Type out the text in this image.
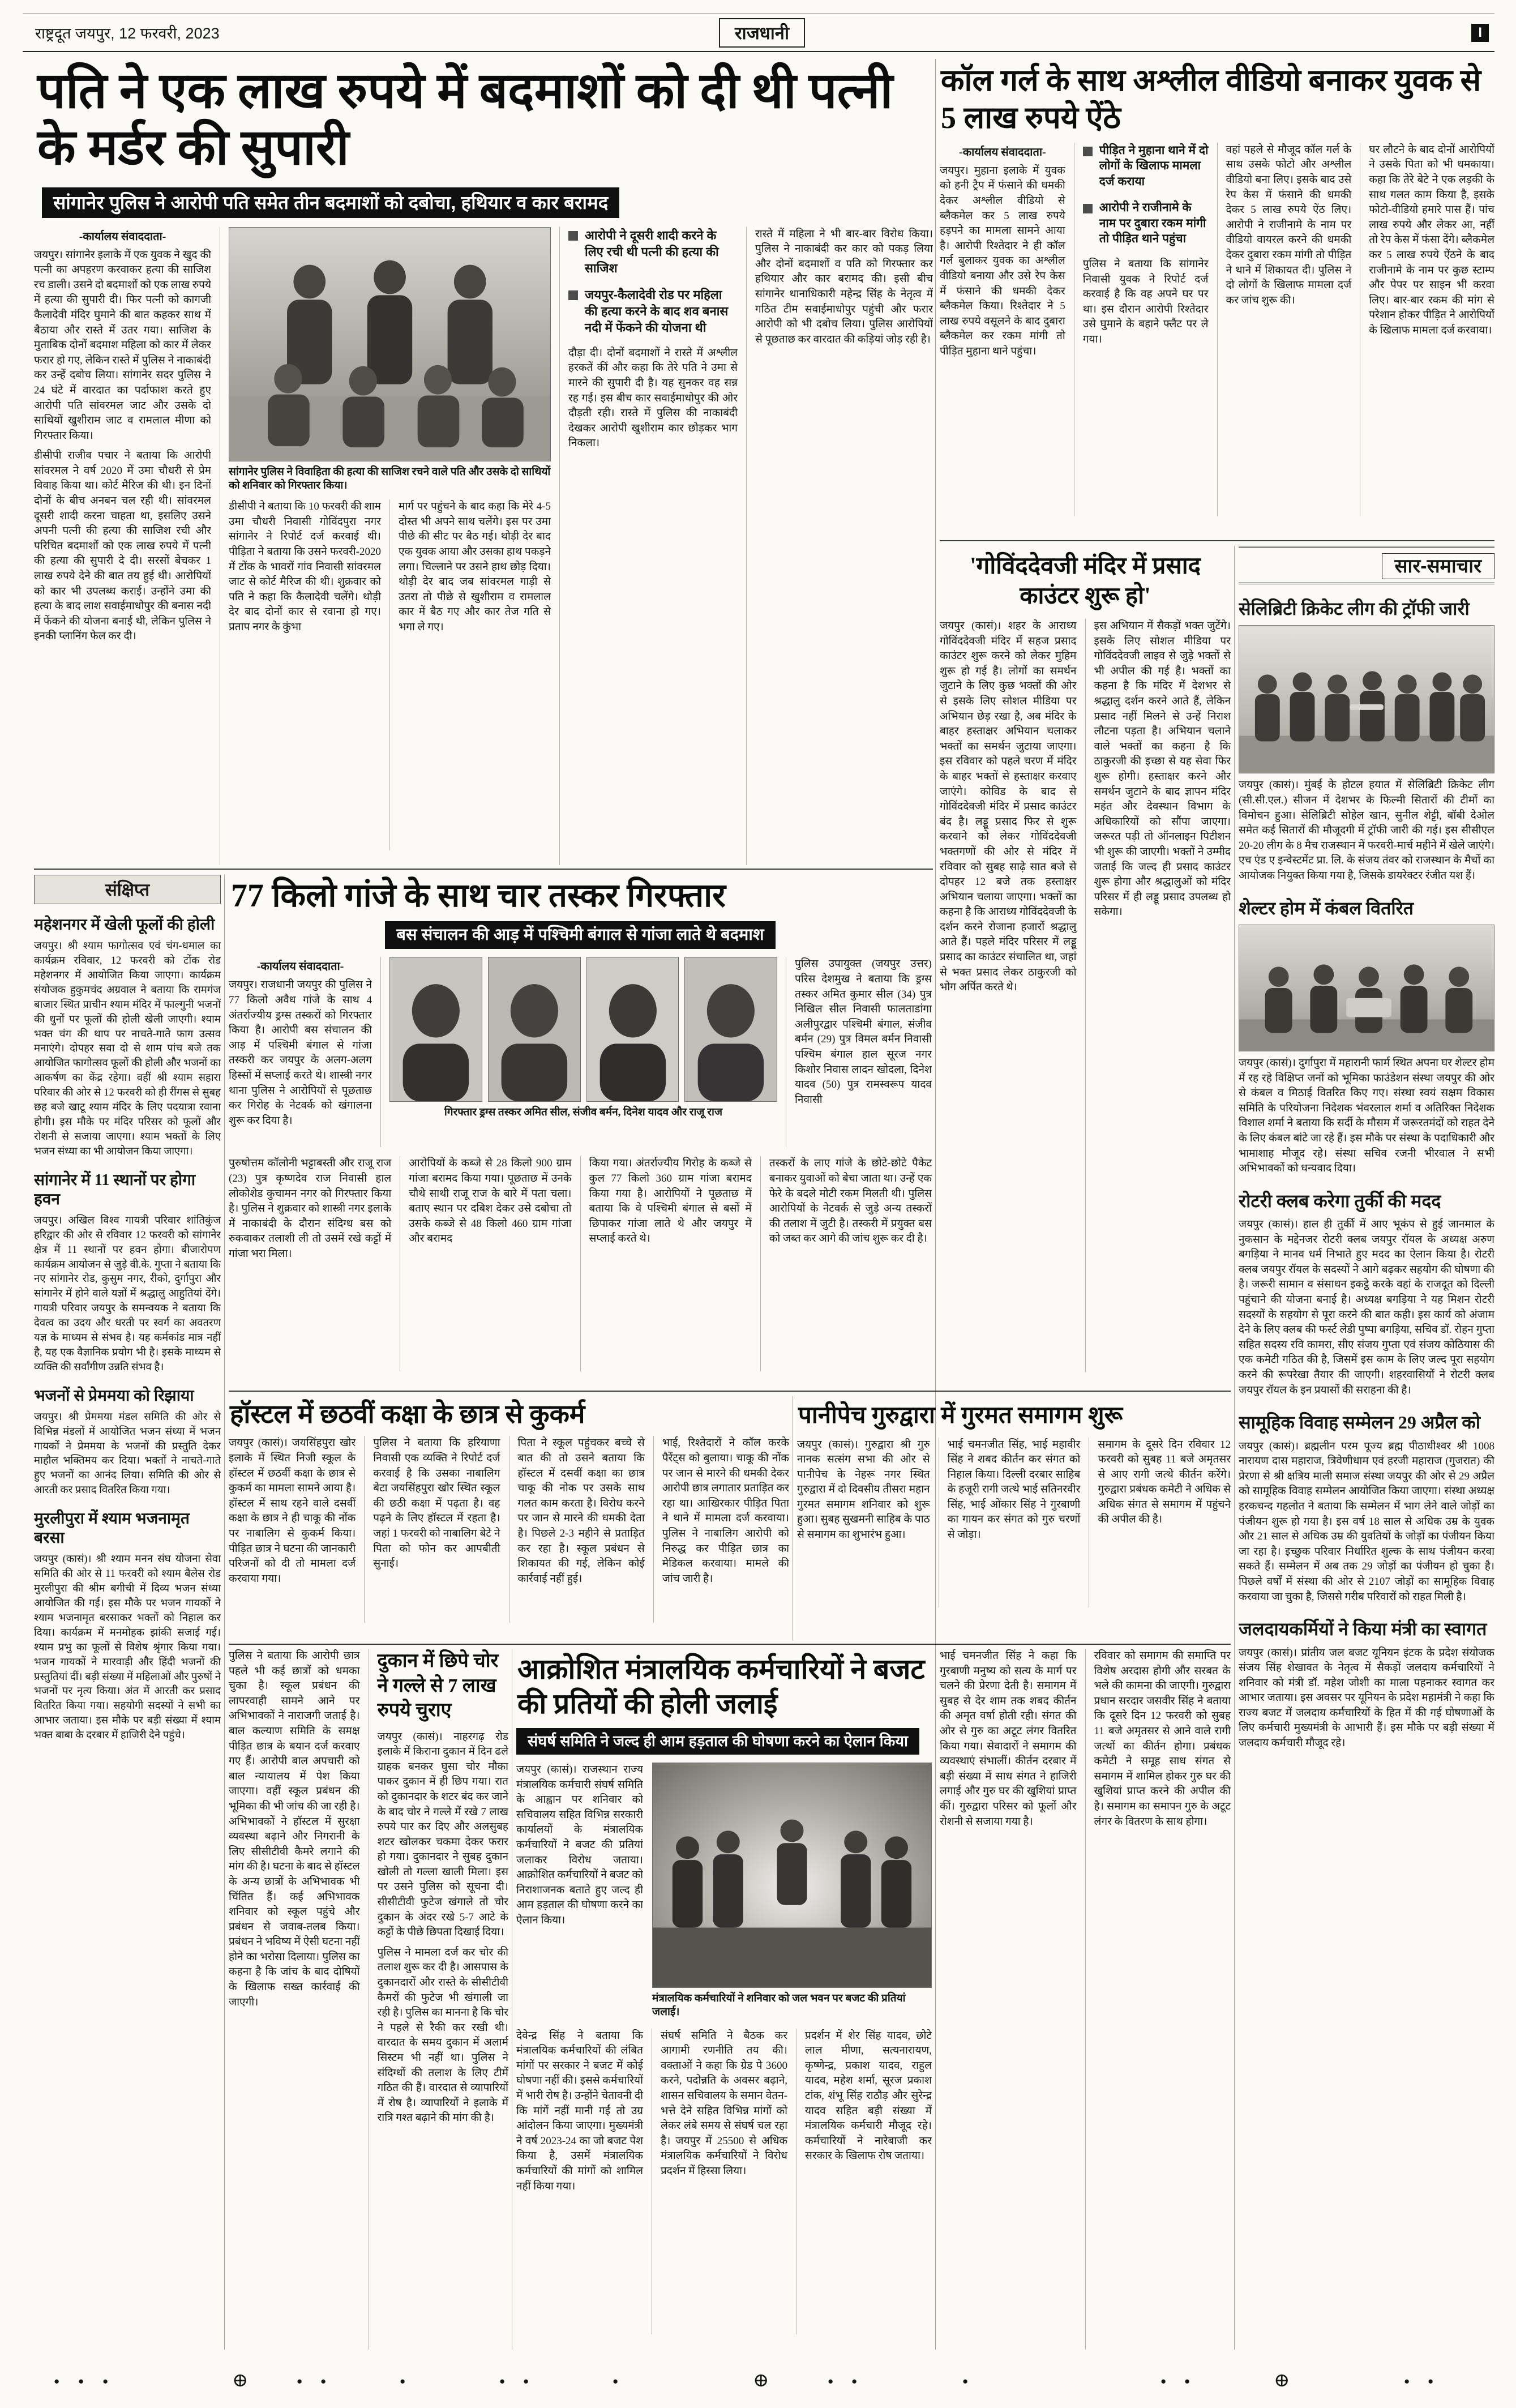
राष्ट्रदूत जयपुर, 12 फरवरी, 2023	राजधानी	I
पति ने एक लाख रुपये में बदमाशों को दी थी पत्नी के मर्डर की सुपारी
सांगानेर पुलिस ने आरोपी पति समेत तीन बदमाशों को दबोचा, हथियार व कार बरामद
-कार्यालय संवाददाता-

जयपुर। सांगानेर इलाके में एक युवक ने खुद की पत्नी का अपहरण करवाकर हत्या की साजिश रच डाली। उसने दो बदमाशों को एक लाख रुपये में हत्या की सुपारी दी। फिर पत्नी को कागजी कैलादेवी मंदिर घुमाने की बात कहकर साथ में बैठाया और रास्ते में उतर गया। साजिश के मुताबिक दोनों बदमाश महिला को कार में लेकर फरार हो गए, लेकिन रास्ते में पुलिस ने नाकाबंदी कर उन्हें दबोच लिया। सांगानेर सदर पुलिस ने 24 घंटे में वारदात का पर्दाफाश करते हुए आरोपी पति सांवरमल जाट और उसके दो साथियों खुशीराम जाट व रामलाल मीणा को गिरफ्तार किया।

डीसीपी राजीव पचार ने बताया कि आरोपी सांवरमल ने वर्ष 2020 में उमा चौधरी से प्रेम विवाह किया था। कोर्ट मैरिज की थी। इन दिनों दोनों के बीच अनबन चल रही थी। सांवरमल दूसरी शादी करना चाहता था, इसलिए उसने अपनी पत्नी की हत्या की साजिश रची और परिचित बदमाशों को एक लाख रुपये में पत्नी की हत्या की सुपारी दे दी। सरसों बेचकर 1 लाख रुपये देने की बात तय हुई थी। आरोपियों को कार भी उपलब्ध कराई। उन्होंने उमा की हत्या के बाद लाश सवाईमाधोपुर की बनास नदी में फेंकने की योजना बनाई थी, लेकिन पुलिस ने इनकी प्लानिंग फेल कर दी।

सांगानेर पुलिस ने विवाहिता की हत्या की साजिश रचने वाले पति और उसके दो साथियों को शनिवार को गिरफ्तार किया।

डीसीपी ने बताया कि 10 फरवरी की शाम उमा चौधरी निवासी गोविंदपुरा नगर सांगानेर ने रिपोर्ट दर्ज करवाई थी। पीड़िता ने बताया कि उसने फरवरी-2020 में टोंक के भावरों गांव निवासी सांवरमल जाट से कोर्ट मैरिज की थी। शुक्रवार को पति ने कहा कि कैलादेवी चलेंगे। थोड़ी देर बाद दोनों कार से रवाना हो गए। प्रताप नगर के कुंभा

मार्ग पर पहुंचने के बाद कहा कि मेरे 4-5 दोस्त भी अपने साथ चलेंगे। इस पर उमा पीछे की सीट पर बैठ गई। थोड़ी देर बाद एक युवक आया और उसका हाथ पकड़ने लगा। चिल्लाने पर उसने हाथ छोड़ दिया। थोड़ी देर बाद जब सांवरमल गाड़ी से उतरा तो पीछे से खुशीराम व रामलाल कार में बैठ गए और कार तेज गति से भगा ले गए।

आरोपी ने दूसरी शादी करने के लिए रची थी पत्नी की हत्या की साजिश

जयपुर-कैलादेवी रोड पर महिला की हत्या करने के बाद शव बनास नदी में फेंकने की योजना थी

दौड़ा दी। दोनों बदमाशों ने रास्ते में अश्लील हरकतें कीं और कहा कि तेरे पति ने उमा से मारने की सुपारी दी है। यह सुनकर वह सन्न रह गई। इस बीच कार सवाईमाधोपुर की ओर दौड़ती रही। रास्ते में पुलिस की नाकाबंदी देखकर आरोपी खुशीराम कार छोड़कर भाग निकला।

रास्ते में महिला ने भी बार-बार विरोध किया। पुलिस ने नाकाबंदी कर कार को पकड़ लिया और दोनों बदमाशों व पति को गिरफ्तार कर हथियार और कार बरामद की। इसी बीच सांगानेर थानाधिकारी महेन्द्र सिंह के नेतृत्व में गठित टीम सवाईमाधोपुर पहुंची और फरार आरोपी को भी दबोच लिया। पुलिस आरोपियों से पूछताछ कर वारदात की कड़ियां जोड़ रही है।

कॉल गर्ल के साथ अश्लील वीडियो बनाकर युवक से 5 लाख रुपये ऐंठे
-कार्यालय संवाददाता-

जयपुर। मुहाना इलाके में युवक को हनी ट्रैप में फंसाने की धमकी देकर अश्लील वीडियो से ब्लैकमेल कर 5 लाख रुपये हड़पने का मामला सामने आया है। आरोपी रिश्तेदार ने ही कॉल गर्ल बुलाकर युवक का अश्लील वीडियो बनाया और उसे रेप केस में फंसाने की धमकी देकर ब्लैकमेल किया। रिश्तेदार ने 5 लाख रुपये वसूलने के बाद दुबारा ब्लैकमेल कर रकम मांगी तो पीड़ित मुहाना थाने पहुंचा।

पीड़ित ने मुहाना थाने में दो लोगों के खिलाफ मामला दर्ज कराया

आरोपी ने राजीनामे के नाम पर दुबारा रकम मांगी तो पीड़ित थाने पहुंचा

पुलिस ने बताया कि सांगानेर निवासी युवक ने रिपोर्ट दर्ज करवाई है कि वह अपने घर पर था। इस दौरान आरोपी रिश्तेदार उसे घुमाने के बहाने फ्लैट पर ले गया।

वहां पहले से मौजूद कॉल गर्ल के साथ उसके फोटो और अश्लील वीडियो बना लिए। इसके बाद उसे रेप केस में फंसाने की धमकी देकर 5 लाख रुपये ऐंठ लिए। आरोपी ने राजीनामे के नाम पर वीडियो वायरल करने की धमकी देकर दुबारा रकम मांगी तो पीड़ित ने थाने में शिकायत दी। पुलिस ने दो लोगों के खिलाफ मामला दर्ज कर जांच शुरू की।

घर लौटने के बाद दोनों आरोपियों ने उसके पिता को भी धमकाया। कहा कि तेरे बेटे ने एक लड़की के साथ गलत काम किया है, इसके फोटो-वीडियो हमारे पास हैं। पांच लाख रुपये और लेकर आ, नहीं तो रेप केस में फंसा देंगे। ब्लैकमेल कर 5 लाख रुपये ऐंठने के बाद राजीनामे के नाम पर कुछ स्टाम्प और पेपर पर साइन भी करवा लिए। बार-बार रकम की मांग से परेशान होकर पीड़ित ने आरोपियों के खिलाफ मामला दर्ज करवाया।

'गोविंददेवजी मंदिर में प्रसाद काउंटर शुरू हो'

जयपुर (कासं)। शहर के आराध्य गोविंददेवजी मंदिर में सहज प्रसाद काउंटर शुरू करने को लेकर मुहिम शुरू हो गई है। लोगों का समर्थन जुटाने के लिए कुछ भक्तों की ओर से इसके लिए सोशल मीडिया पर अभियान छेड़ रखा है, अब मंदिर के बाहर हस्ताक्षर अभियान चलाकर भक्तों का समर्थन जुटाया जाएगा। इस रविवार को पहले चरण में मंदिर के बाहर भक्तों से हस्ताक्षर करवाए जाएंगे। कोविड के बाद से गोविंददेवजी मंदिर में प्रसाद काउंटर बंद है। लड्डू प्रसाद फिर से शुरू करवाने को लेकर गोविंददेवजी भक्तगणों की ओर से मंदिर में रविवार को सुबह साढ़े सात बजे से दोपहर 12 बजे तक हस्ताक्षर अभियान चलाया जाएगा। भक्तों का कहना है कि आराध्य गोविंददेवजी के दर्शन करने रोजाना हजारों श्रद्धालु आते हैं। पहले मंदिर परिसर में लड्डू प्रसाद का काउंटर संचालित था, जहां से भक्त प्रसाद लेकर ठाकुरजी को भोग अर्पित करते थे।

इस अभियान में सैकड़ों भक्त जुटेंगे। इसके लिए सोशल मीडिया पर गोविंददेवजी लाइव से जुड़े भक्तों से भी अपील की गई है। भक्तों का कहना है कि मंदिर में देशभर से श्रद्धालु दर्शन करने आते हैं, लेकिन प्रसाद नहीं मिलने से उन्हें निराश लौटना पड़ता है। अभियान चलाने वाले भक्तों का कहना है कि ठाकुरजी की इच्छा से यह सेवा फिर शुरू होगी। हस्ताक्षर करने और समर्थन जुटाने के बाद ज्ञापन मंदिर महंत और देवस्थान विभाग के अधिकारियों को सौंपा जाएगा। जरूरत पड़ी तो ऑनलाइन पिटीशन भी शुरू की जाएगी। भक्तों ने उम्मीद जताई कि जल्द ही प्रसाद काउंटर शुरू होगा और श्रद्धालुओं को मंदिर परिसर में ही लड्डू प्रसाद उपलब्ध हो सकेगा।

सार-समाचार
सेलिब्रिटी क्रिकेट लीग की ट्रॉफी जारी

जयपुर (कासं)। मुंबई के होटल हयात में सेलिब्रिटी क्रिकेट लीग (सी.सी.एल.) सीजन में देशभर के फिल्मी सितारों की टीमों का विमोचन हुआ। सेलिब्रिटी सोहेल खान, सुनील शेट्टी, बॉबी देओल समेत कई सितारों की मौजूदगी में ट्रॉफी जारी की गई। इस सीसीएल 20-20 लीग के 8 मैच राजस्थान में फरवरी-मार्च महीने में खेले जाएंगे। एच एंड ए इन्वेस्टमेंट प्रा. लि. के संजय तंवर को राजस्थान के मैचों का आयोजक नियुक्त किया गया है, जिसके डायरेक्टर रंजीत यश हैं।

शेल्टर होम में कंबल वितरित

जयपुर (कासं)। दुर्गापुरा में महारानी फार्म स्थित अपना घर शेल्टर होम में रह रहे विक्षिप्त जनों को भूमिका फाउंडेशन संस्था जयपुर की ओर से कंबल व मिठाई वितरित किए गए। संस्था स्वयं सक्षम विकास समिति के परियोजना निदेशक भंवरलाल शर्मा व अतिरिक्त निदेशक विशाल शर्मा ने बताया कि सर्दी के मौसम में जरूरतमंदों को राहत देने के लिए कंबल बांटे जा रहे हैं। इस मौके पर संस्था के पदाधिकारी और भामाशाह मौजूद रहे। संस्था सचिव रजनी भीरवाल ने सभी अभिभावकों को धन्यवाद दिया।

रोटरी क्लब करेगा तुर्की की मदद

जयपुर (कासं)। हाल ही तुर्की में आए भूकंप से हुई जानमाल के नुकसान के मद्देनजर रोटरी क्लब जयपुर रॉयल के अध्यक्ष अरुण बगड़िया ने मानव धर्म निभाते हुए मदद का ऐलान किया है। रोटरी क्लब जयपुर रॉयल के सदस्यों ने आगे बढ़कर सहयोग की घोषणा की है। जरूरी सामान व संसाधन इकट्ठे करके वहां के राजदूत को दिल्ली पहुंचाने की योजना बनाई है। अध्यक्ष बगड़िया ने यह मिशन रोटरी सदस्यों के सहयोग से पूरा करने की बात कही। इस कार्य को अंजाम देने के लिए क्लब की फर्स्ट लेडी पुष्पा बगड़िया, सचिव डॉ. रोहन गुप्ता सहित सदस्य रवि कामरा, सीए संजय गुप्ता एवं संजय कोठियास की एक कमेटी गठित की है, जिसमें इस काम के लिए जल्द पूरा सहयोग करने की रूपरेखा तैयार की जाएगी। शहरवासियों ने रोटरी क्लब जयपुर रॉयल के इन प्रयासों की सराहना की है।

सामूहिक विवाह सम्मेलन 29 अप्रैल को

जयपुर (कासं)। ब्रह्मलीन परम पूज्य ब्रह्म पीठाधीश्वर श्री 1008 नारायण दास महाराज, त्रिवेणीधाम एवं हरजी महाराज (गुजरात) की प्रेरणा से श्री क्षत्रिय माली समाज संस्था जयपुर की ओर से 29 अप्रैल को सामूहिक विवाह सम्मेलन आयोजित किया जाएगा। संस्था अध्यक्ष हरकचन्द गहलोत ने बताया कि सम्मेलन में भाग लेने वाले जोड़ों का पंजीयन शुरू हो गया है। इस वर्ष 18 साल से अधिक उम्र के युवक और 21 साल से अधिक उम्र की युवतियों के जोड़ों का पंजीयन किया जा रहा है। इच्छुक परिवार निर्धारित शुल्क के साथ पंजीयन करवा सकते हैं। सम्मेलन में अब तक 29 जोड़ों का पंजीयन हो चुका है। पिछले वर्षों में संस्था की ओर से 2107 जोड़ों का सामूहिक विवाह करवाया जा चुका है, जिससे गरीब परिवारों को राहत मिली है।

जलदायकर्मियों ने किया मंत्री का स्वागत

जयपुर (कासं)। प्रांतीय जल बजट यूनियन इंटक के प्रदेश संयोजक संजय सिंह शेखावत के नेतृत्व में सैकड़ों जलदाय कर्मचारियों ने शनिवार को मंत्री डॉ. महेश जोशी का माला पहनाकर स्वागत कर आभार जताया। इस अवसर पर यूनियन के प्रदेश महामंत्री ने कहा कि राज्य बजट में जलदाय कर्मचारियों के हित में की गई घोषणाओं के लिए कर्मचारी मुख्यमंत्री के आभारी हैं। इस मौके पर बड़ी संख्या में जलदाय कर्मचारी मौजूद रहे।

संक्षिप्त
महेशनगर में खेली फूलों की होली

जयपुर। श्री श्याम फागोत्सव एवं चंग-धमाल का कार्यक्रम रविवार, 12 फरवरी को टोंक रोड महेशनगर में आयोजित किया जाएगा। कार्यक्रम संयोजक हुकुमचंद अग्रवाल ने बताया कि रामगंज बाजार स्थित प्राचीन श्याम मंदिर में फाल्गुनी भजनों की धुनों पर फूलों की होली खेली जाएगी। श्याम भक्त चंग की थाप पर नाचते-गाते फाग उत्सव मनाएंगे। दोपहर सवा दो से शाम पांच बजे तक आयोजित फागोत्सव फूलों की होली और भजनों का आकर्षण का केंद्र रहेगा। वहीं श्री श्याम सहारा परिवार की ओर से 12 फरवरी को ही रींगस से सुबह छह बजे खाटू श्याम मंदिर के लिए पदयात्रा रवाना होगी। इस मौके पर मंदिर परिसर को फूलों और रोशनी से सजाया जाएगा। श्याम भक्तों के लिए भजन संध्या का भी आयोजन किया जाएगा।

सांगानेर में 11 स्थानों पर होगा हवन

जयपुर। अखिल विश्व गायत्री परिवार शांतिकुंज हरिद्वार की ओर से रविवार 12 फरवरी को सांगानेर क्षेत्र में 11 स्थानों पर हवन होगा। बीजारोपण कार्यक्रम आयोजन से जुड़े वी.के. गुप्ता ने बताया कि नए सांगानेर रोड, कुसुम नगर, रीको, दुर्गापुरा और सांगानेर में होने वाले यज्ञों में श्रद्धालु आहुतियां देंगे। गायत्री परिवार जयपुर के समन्वयक ने बताया कि देवत्व का उदय और धरती पर स्वर्ग का अवतरण यज्ञ के माध्यम से संभव है। यह कर्मकांड मात्र नहीं है, यह एक वैज्ञानिक प्रयोग भी है। इसके माध्यम से व्यक्ति की सर्वांगीण उन्नति संभव है।

भजनों से प्रेममया को रिझाया

जयपुर। श्री प्रेममया मंडल समिति की ओर से विभिन्न मंडलों में आयोजित भजन संध्या में भजन गायकों ने प्रेममया के भजनों की प्रस्तुति देकर माहौल भक्तिमय कर दिया। भक्तों ने नाचते-गाते हुए भजनों का आनंद लिया। समिति की ओर से आरती कर प्रसाद वितरित किया गया।

मुरलीपुरा में श्याम भजनामृत बरसा

जयपुर (कासं)। श्री श्याम मनन संघ योजना सेवा समिति की ओर से 11 फरवरी को श्याम बैलेस रोड मुरलीपुरा की श्रीम बगीची में दिव्य भजन संध्या आयोजित की गई। इस मौके पर भजन गायकों ने श्याम भजनामृत बरसाकर भक्तों को निहाल कर दिया। कार्यक्रम में मनमोहक झांकी सजाई गई। श्याम प्रभु का फूलों से विशेष श्रृंगार किया गया। भजन गायकों ने मारवाड़ी और हिंदी भजनों की प्रस्तुतियां दीं। बड़ी संख्या में महिलाओं और पुरुषों ने भजनों पर नृत्य किया। अंत में आरती कर प्रसाद वितरित किया गया। सहयोगी सदस्यों ने सभी का आभार जताया। इस मौके पर बड़ी संख्या में श्याम भक्त बाबा के दरबार में हाजिरी देने पहुंचे।

77 किलो गांजे के साथ चार तस्कर गिरफ्तार
बस संचालन की आड़ में पश्चिमी बंगाल से गांजा लाते थे बदमाश
-कार्यालय संवाददाता-

जयपुर। राजधानी जयपुर की पुलिस ने 77 किलो अवैध गांजे के साथ 4 अंतर्राज्यीय ड्रग्स तस्करों को गिरफ्तार किया है। आरोपी बस संचालन की आड़ में पश्चिमी बंगाल से गांजा तस्करी कर जयपुर के अलग-अलग हिस्सों में सप्लाई करते थे। शास्त्री नगर थाना पुलिस ने आरोपियों से पूछताछ कर गिरोह के नेटवर्क को खंगालना शुरू कर दिया है।

गिरफ्तार ड्रग्स तस्कर अमित सील, संजीव बर्मन, दिनेश यादव और राजू राज

पुलिस उपायुक्त (जयपुर उत्तर) परिस देशमुख ने बताया कि ड्रग्स तस्कर अमित कुमार सील (34) पुत्र निखिल सील निवासी फालताडांगा अलीपुरद्वार पश्चिमी बंगाल, संजीव बर्मन (29) पुत्र विमल बर्मन निवासी पश्चिम बंगाल हाल सूरज नगर किशोर निवास लादन खोदला, दिनेश यादव (50) पुत्र रामस्वरूप यादव निवासी

पुरुषोत्तम कॉलोनी भट्टाबस्ती और राजू राज (23) पुत्र कृष्णदेव राज निवासी हाल लोकोशेड कुचामन नगर को गिरफ्तार किया है। पुलिस ने शुक्रवार को शास्त्री नगर इलाके में नाकाबंदी के दौरान संदिग्ध बस को रुकवाकर तलाशी ली तो उसमें रखे कट्टों में गांजा भरा मिला।

आरोपियों के कब्जे से 28 किलो 900 ग्राम गांजा बरामद किया गया। पूछताछ में उनके चौथे साथी राजू राज के बारे में पता चला। बताए स्थान पर दबिश देकर उसे दबोचा तो उसके कब्जे से 48 किलो 460 ग्राम गांजा और बरामद

किया गया। अंतर्राज्यीय गिरोह के कब्जे से कुल 77 किलो 360 ग्राम गांजा बरामद किया गया है। आरोपियों ने पूछताछ में बताया कि वे पश्चिमी बंगाल से बसों में छिपाकर गांजा लाते थे और जयपुर में सप्लाई करते थे।

तस्करों के लाए गांजे के छोटे-छोटे पैकेट बनाकर युवाओं को बेचा जाता था। उन्हें एक फेरे के बदले मोटी रकम मिलती थी। पुलिस आरोपियों के नेटवर्क से जुड़े अन्य तस्करों की तलाश में जुटी है। तस्करी में प्रयुक्त बस को जब्त कर आगे की जांच शुरू कर दी है।

हॉस्टल में छठवीं कक्षा के छात्र से कुकर्म

जयपुर (कासं)। जयसिंहपुरा खोर इलाके में स्थित निजी स्कूल के हॉस्टल में छठवीं कक्षा के छात्र से कुकर्म का मामला सामने आया है। हॉस्टल में साथ रहने वाले दसवीं कक्षा के छात्र ने ही चाकू की नोंक पर नाबालिग से कुकर्म किया। पीड़ित छात्र ने घटना की जानकारी परिजनों को दी तो मामला दर्ज करवाया गया।

पुलिस ने बताया कि हरियाणा निवासी एक व्यक्ति ने रिपोर्ट दर्ज करवाई है कि उसका नाबालिग बेटा जयसिंहपुरा खोर स्थित स्कूल की छठी कक्षा में पढ़ता है। वह पढ़ने के लिए हॉस्टल में रहता है। जहां 1 फरवरी को नाबालिग बेटे ने पिता को फोन कर आपबीती सुनाई।

पिता ने स्कूल पहुंचकर बच्चे से बात की तो उसने बताया कि हॉस्टल में दसवीं कक्षा का छात्र चाकू की नोक पर उसके साथ गलत काम करता है। विरोध करने पर जान से मारने की धमकी देता है। पिछले 2-3 महीने से प्रताड़ित कर रहा है। स्कूल प्रबंधन से शिकायत की गई, लेकिन कोई कार्रवाई नहीं हुई।

भाई, रिश्तेदारों ने कॉल करके पैरेंट्स को बुलाया। चाकू की नोंक पर जान से मारने की धमकी देकर आरोपी छात्र लगातार प्रताड़ित कर रहा था। आखिरकार पीड़ित पिता ने थाने में मामला दर्ज करवाया। पुलिस ने नाबालिग आरोपी को निरुद्ध कर पीड़ित छात्र का मेडिकल करवाया। मामले की जांच जारी है।

पानीपेच गुरुद्वारा में गुरमत समागम शुरू

जयपुर (कासं)। गुरुद्वारा श्री गुरु नानक सत्संग सभा की ओर से पानीपेच के नेहरू नगर स्थित गुरुद्वारा में दो दिवसीय तीसरा महान गुरमत समागम शनिवार को शुरू हुआ। सुबह सुखमनी साहिब के पाठ से समागम का शुभारंभ हुआ।

भाई चमनजीत सिंह, भाई महावीर सिंह ने शबद कीर्तन कर संगत को निहाल किया। दिल्ली दरबार साहिब के हजूरी रागी जत्थे भाई सतिनरवीर सिंह, भाई ओंकार सिंह ने गुरबाणी का गायन कर संगत को गुरु चरणों से जोड़ा।

समागम के दूसरे दिन रविवार 12 फरवरी को सुबह 11 बजे अमृतसर से आए रागी जत्थे कीर्तन करेंगे। गुरुद्वारा प्रबंधक कमेटी ने अधिक से अधिक संगत से समागम में पहुंचने की अपील की है।

पुलिस ने बताया कि आरोपी छात्र पहले भी कई छात्रों को धमका चुका है। स्कूल प्रबंधन की लापरवाही सामने आने पर अभिभावकों ने नाराजगी जताई है। बाल कल्याण समिति के समक्ष पीड़ित छात्र के बयान दर्ज करवाए गए हैं। आरोपी बाल अपचारी को बाल न्यायालय में पेश किया जाएगा। वहीं स्कूल प्रबंधन की भूमिका की भी जांच की जा रही है। अभिभावकों ने हॉस्टल में सुरक्षा व्यवस्था बढ़ाने और निगरानी के लिए सीसीटीवी कैमरे लगाने की मांग की है। घटना के बाद से हॉस्टल के अन्य छात्रों के अभिभावक भी चिंतित हैं। कई अभिभावक शनिवार को स्कूल पहुंचे और प्रबंधन से जवाब-तलब किया। प्रबंधन ने भविष्य में ऐसी घटना नहीं होने का भरोसा दिलाया। पुलिस का कहना है कि जांच के बाद दोषियों के खिलाफ सख्त कार्रवाई की जाएगी।

दुकान में छिपे चोर ने गल्ले से 7 लाख रुपये चुराए

जयपुर (कासं)। नाहरगढ़ रोड इलाके में किराना दुकान में दिन ढले ग्राहक बनकर घुसा चोर मौका पाकर दुकान में ही छिप गया। रात को दुकानदार के शटर बंद कर जाने के बाद चोर ने गल्ले में रखे 7 लाख रुपये पार कर दिए और अलसुबह शटर खोलकर चकमा देकर फरार हो गया। दुकानदार ने सुबह दुकान खोली तो गल्ला खाली मिला। इस पर उसने पुलिस को सूचना दी। सीसीटीवी फुटेज खंगाले तो चोर दुकान के अंदर रखे 5-7 आटे के कट्टों के पीछे छिपता दिखाई दिया।

पुलिस ने मामला दर्ज कर चोर की तलाश शुरू कर दी है। आसपास के दुकानदारों और रास्ते के सीसीटीवी कैमरों की फुटेज भी खंगाली जा रही है। पुलिस का मानना है कि चोर ने पहले से रैकी कर रखी थी। वारदात के समय दुकान में अलार्म सिस्टम भी नहीं था। पुलिस ने संदिग्धों की तलाश के लिए टीमें गठित की हैं। वारदात से व्यापारियों में रोष है। व्यापारियों ने इलाके में रात्रि गश्त बढ़ाने की मांग की है।

आक्रोशित मंत्रालयिक कर्मचारियों ने बजट की प्रतियों की होली जलाई
संघर्ष समिति ने जल्द ही आम हड़ताल की घोषणा करने का ऐलान किया

जयपुर (कासं)। राजस्थान राज्य मंत्रालयिक कर्मचारी संघर्ष समिति के आह्वान पर शनिवार को सचिवालय सहित विभिन्न सरकारी कार्यालयों के मंत्रालयिक कर्मचारियों ने बजट की प्रतियां जलाकर विरोध जताया। आक्रोशित कर्मचारियों ने बजट को निराशाजनक बताते हुए जल्द ही आम हड़ताल की घोषणा करने का ऐलान किया।

मंत्रालयिक कर्मचारियों ने शनिवार को जल भवन पर बजट की प्रतियां जलाई।

देवेन्द्र सिंह ने बताया कि मंत्रालयिक कर्मचारियों की लंबित मांगों पर सरकार ने बजट में कोई घोषणा नहीं की। इससे कर्मचारियों में भारी रोष है। उन्होंने चेतावनी दी कि मांगें नहीं मानी गईं तो उग्र आंदोलन किया जाएगा। मुख्यमंत्री ने वर्ष 2023-24 का जो बजट पेश किया है, उसमें मंत्रालयिक कर्मचारियों की मांगों को शामिल नहीं किया गया।

संघर्ष समिति ने बैठक कर आगामी रणनीति तय की। वक्ताओं ने कहा कि ग्रेड पे 3600 करने, पदोन्नति के अवसर बढ़ाने, शासन सचिवालय के समान वेतन-भत्ते देने सहित विभिन्न मांगों को लेकर लंबे समय से संघर्ष चल रहा है। जयपुर में 25500 से अधिक मंत्रालयिक कर्मचारियों ने विरोध प्रदर्शन में हिस्सा लिया।

प्रदर्शन में शेर सिंह यादव, छोटे लाल मीणा, सत्यनारायण, कृष्णेन्द्र, प्रकाश यादव, राहुल यादव, महेश शर्मा, सूरज प्रकाश टांक, शंभू सिंह राठौड़ और सुरेन्द्र यादव सहित बड़ी संख्या में मंत्रालयिक कर्मचारी मौजूद रहे। कर्मचारियों ने नारेबाजी कर सरकार के खिलाफ रोष जताया।

भाई चमनजीत सिंह ने कहा कि गुरबाणी मनुष्य को सत्य के मार्ग पर चलने की प्रेरणा देती है। समागम में सुबह से देर शाम तक शबद कीर्तन की अमृत वर्षा होती रही। संगत की ओर से गुरु का अटूट लंगर वितरित किया गया। सेवादारों ने समागम की व्यवस्थाएं संभालीं। कीर्तन दरबार में बड़ी संख्या में साध संगत ने हाजिरी लगाई और गुरु घर की खुशियां प्राप्त कीं। गुरुद्वारा परिसर को फूलों और रोशनी से सजाया गया है।

रविवार को समागम की समाप्ति पर विशेष अरदास होगी और सरबत के भले की कामना की जाएगी। गुरुद्वारा प्रधान सरदार जसवीर सिंह ने बताया कि दूसरे दिन 12 फरवरी को सुबह 11 बजे अमृतसर से आने वाले रागी जत्थों का कीर्तन होगा। प्रबंधक कमेटी ने समूह साध संगत से समागम में शामिल होकर गुरु घर की खुशियां प्राप्त करने की अपील की है। समागम का समापन गुरु के अटूट लंगर के वितरण के साथ होगा।

● ● ●	⊕	● ●	●	● ●	●	⊕	● ●	●	● ●	⊕	● ●
